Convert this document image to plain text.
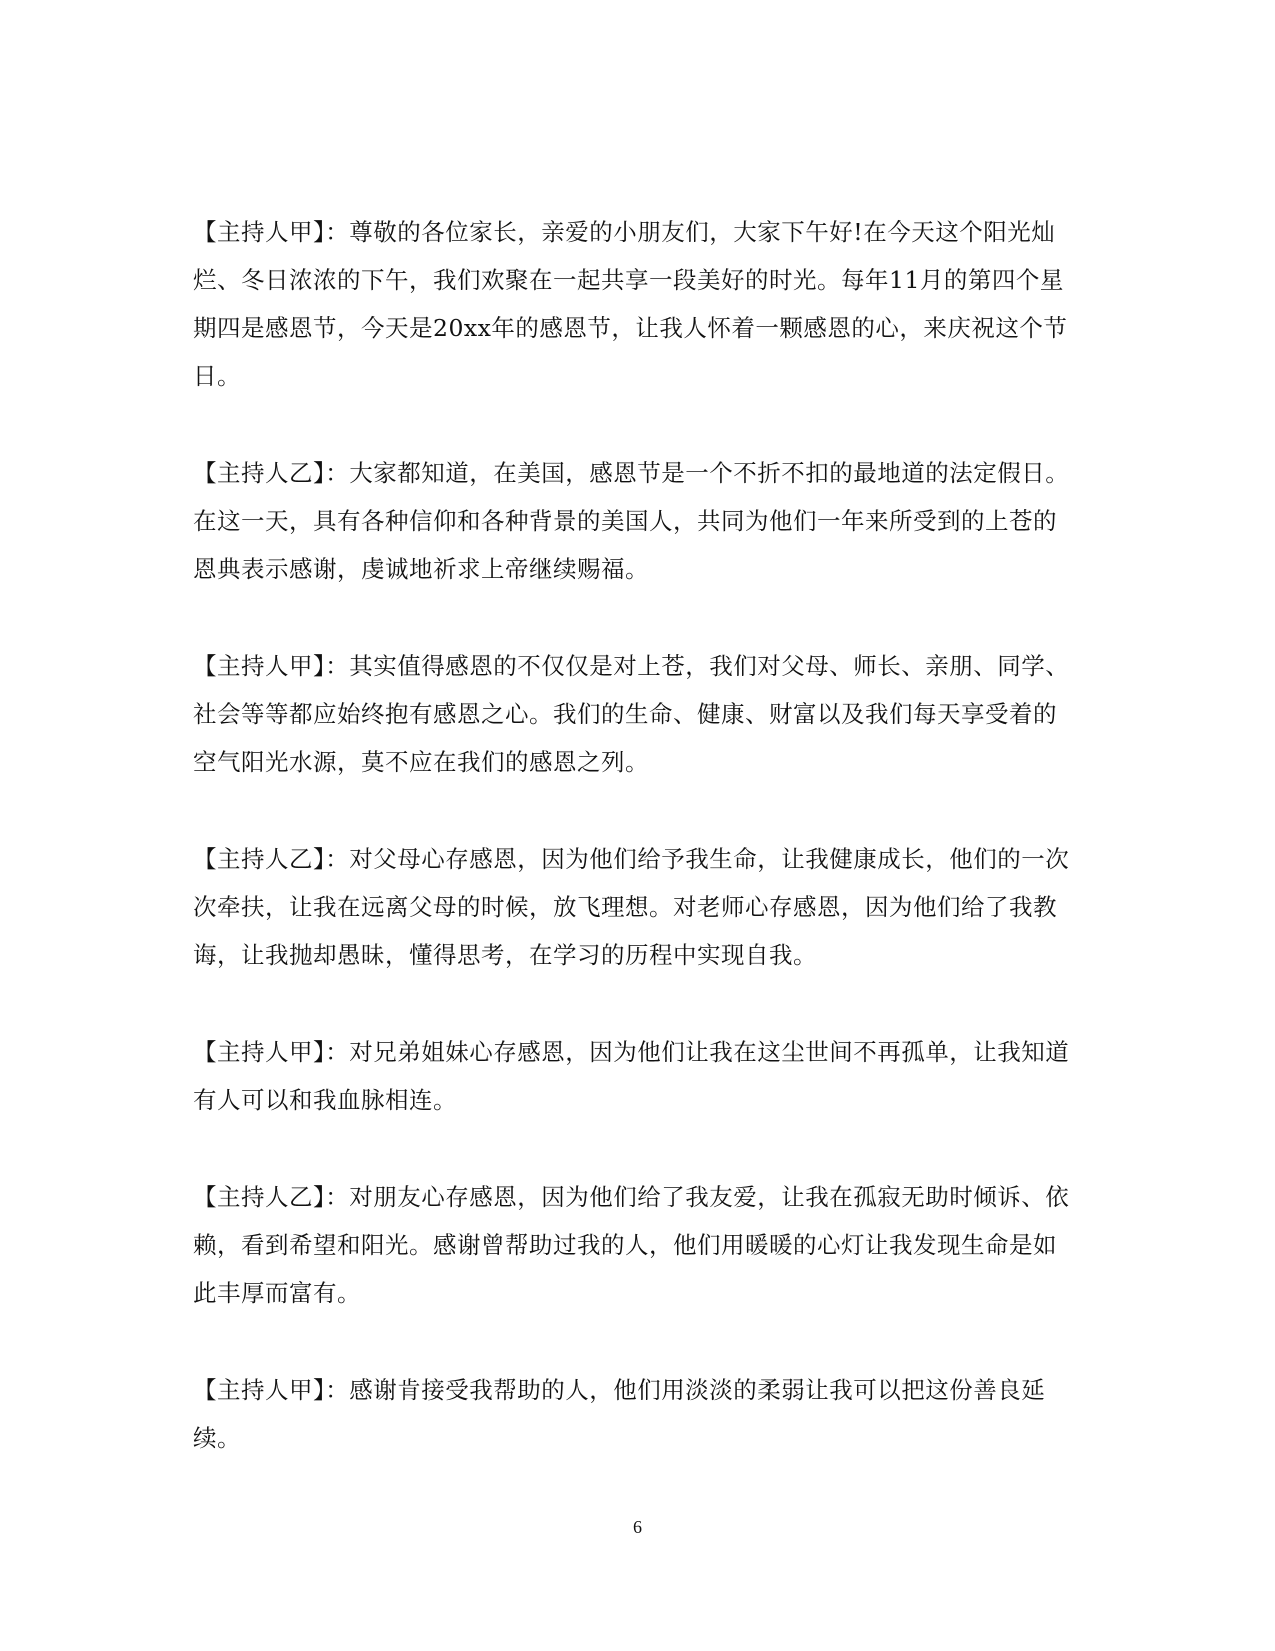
【主持人甲】：尊敬的各位家长，亲爱的小朋友们，大家下午好!在今天这个阳光灿烂、冬日浓浓的下午，我们欢聚在一起共享一段美好的时光。每年11月的第四个星期四是感恩节，今天是20xx年的感恩节，让我人怀着一颗感恩的心，来庆祝这个节日。

【主持人乙】：大家都知道，在美国，感恩节是一个不折不扣的最地道的法定假日。在这一天，具有各种信仰和各种背景的美国人，共同为他们一年来所受到的上苍的恩典表示感谢，虔诚地祈求上帝继续赐福。

【主持人甲】：其实值得感恩的不仅仅是对上苍，我们对父母、师长、亲朋、同学、社会等等都应始终抱有感恩之心。我们的生命、健康、财富以及我们每天享受着的空气阳光水源，莫不应在我们的感恩之列。

【主持人乙】：对父母心存感恩，因为他们给予我生命，让我健康成长，他们的一次次牵扶，让我在远离父母的时候，放飞理想。对老师心存感恩，因为他们给了我教诲，让我抛却愚昧，懂得思考，在学习的历程中实现自我。

【主持人甲】：对兄弟姐妹心存感恩，因为他们让我在这尘世间不再孤单，让我知道有人可以和我血脉相连。

【主持人乙】：对朋友心存感恩，因为他们给了我友爱，让我在孤寂无助时倾诉、依赖，看到希望和阳光。感谢曾帮助过我的人，他们用暖暖的心灯让我发现生命是如此丰厚而富有。

【主持人甲】：感谢肯接受我帮助的人，他们用淡淡的柔弱让我可以把这份善良延续。

6
